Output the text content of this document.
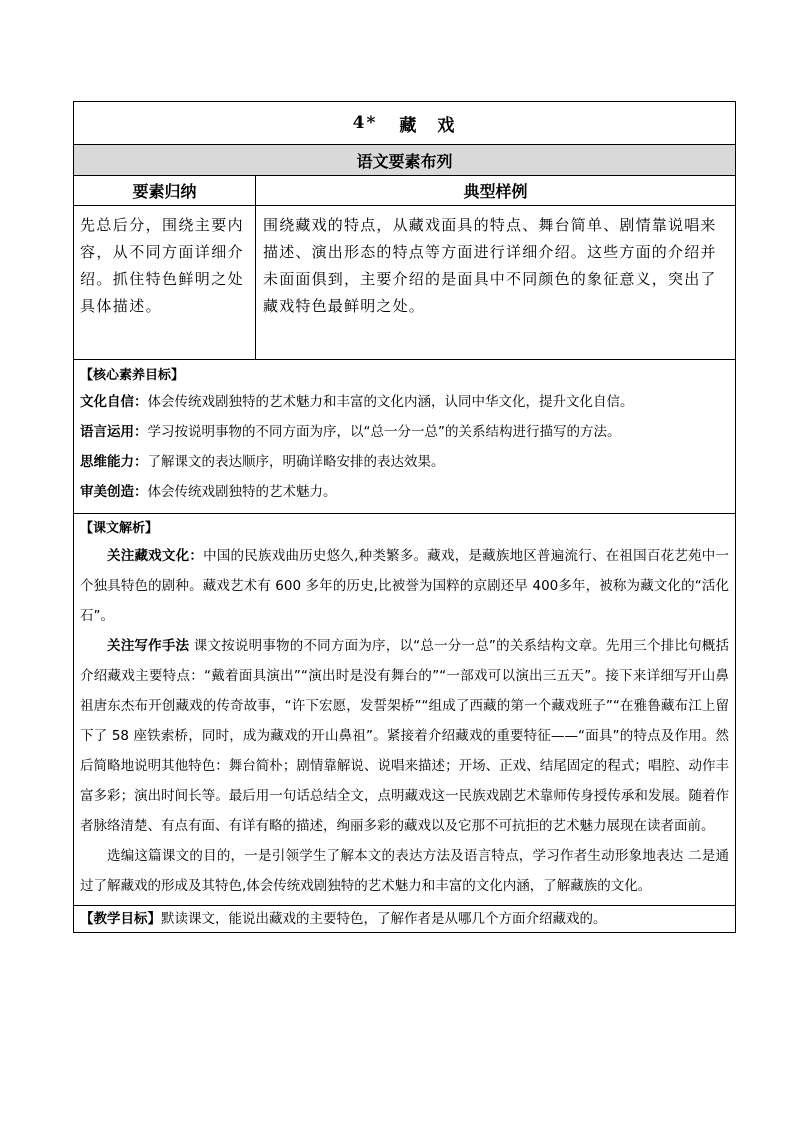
4* 藏　戏
语文要素布列
要素归纳	典型样例
先总后分，围绕主要内容，从不同方面详细介绍。抓住特色鲜明之处具体描述。
围绕藏戏的特点，从藏戏面具的特点、舞台简单、剧情靠说唱来描述、演出形态的特点等方面进行详细介绍。这些方面的介绍并未面面俱到，主要介绍的是面具中不同颜色的象征意义，突出了藏戏特色最鲜明之处。
【核心素养目标】

文化自信：体会传统戏剧独特的艺术魅力和丰富的文化内涵，认同中华文化，提升文化自信。

语言运用：学习按说明事物的不同方面为序，以“总一分一总”的关系结构进行描写的方法。

思维能力：了解课文的表达顺序，明确详略安排的表达效果。

审美创造：体会传统戏剧独特的艺术魅力。

【课文解析】

关注藏戏文化：中国的民族戏曲历史悠久,种类繁多。藏戏，是藏族地区普遍流行、在祖国百花艺苑中一个独具特色的剧种。藏戏艺术有 600 多年的历史,比被誉为国粹的京剧还早 400多年，被称为藏文化的“活化石”。

关注写作手法 课文按说明事物的不同方面为序，以“总一分一总”的关系结构文章。先用三个排比句概括介绍藏戏主要特点：“戴着面具演出”“演出时是没有舞台的”“一部戏可以演出三五天”。接下来详细写开山鼻祖唐东杰布开创藏戏的传奇故事，“许下宏愿，发誓架桥”“组成了西藏的第一个藏戏班子”“在雅鲁藏布江上留下了 58 座铁索桥，同时，成为藏戏的开山鼻祖”。紧接着介绍藏戏的重要特征——“面具”的特点及作用。然后简略地说明其他特色：舞台简朴；剧情靠解说、说唱来描述；开场、正戏、结尾固定的程式；唱腔、动作丰富多彩；演出时间长等。最后用一句话总结全文，点明藏戏这一民族戏剧艺术靠师传身授传承和发展。随着作者脉络清楚、有点有面、有详有略的描述，绚丽多彩的藏戏以及它那不可抗拒的艺术魅力展现在读者面前。

选编这篇课文的目的，一是引领学生了解本文的表达方法及语言特点，学习作者生动形象地表达 二是通过了解藏戏的形成及其特色,体会传统戏剧独特的艺术魅力和丰富的文化内涵，了解藏族的文化。

【教学目标】默读课文，能说出藏戏的主要特色，了解作者是从哪几个方面介绍藏戏的。
